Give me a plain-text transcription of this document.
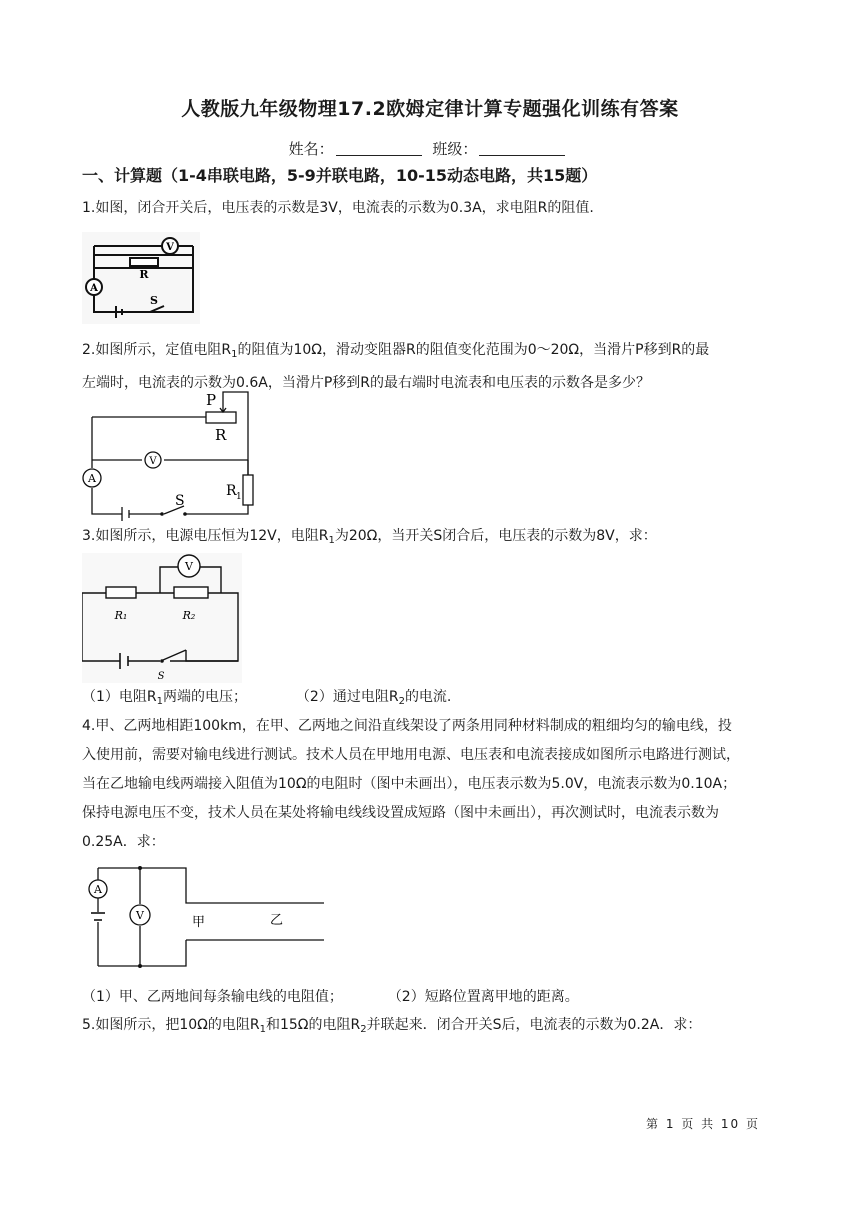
人教版九年级物理17.2欧姆定律计算专题强化训练有答案
姓名：	班级：
一、计算题（1-4串联电路，5-9并联电路，10-15动态电路，共15题）
1.如图，闭合开关后，电压表的示数是3V，电流表的示数为0.3A，求电阻R的阻值.
V
R
A
S
2.如图所示，定值电阻$R_1$的阻值为10Ω，滑动变阻器R的阻值变化范围为0～20Ω，当滑片P移到R的最
左端时，电流表的示数为0.6A，当滑片P移到R的最右端时电流表和电压表的示数各是多少？
P
R
V
A
R 1
S
3.如图所示，电源电压恒为12V，电阻$R_1$为20Ω，当开关S闭合后，电压表的示数为8V，求：
V
R₁	R₂
S
（1）电阻$R_1$两端的电压；	（2）通过电阻$R_2$的电流.
4.甲、乙两地相距100km，在甲、乙两地之间沿直线架设了两条用同种材料制成的粗细均匀的输电线，投
入使用前，需要对输电线进行测试。技术人员在甲地用电源、电压表和电流表接成如图所示电路进行测试，
当在乙地输电线两端接入阻值为10Ω的电阻时（图中未画出），电压表示数为5.0V，电流表示数为0.10A；
保持电源电压不变，技术人员在某处将输电线线设置成短路（图中未画出），再次测试时，电流表示数为
0.25A．求：
A
V	甲	乙
（1）甲、乙两地间每条输电线的电阻值；	（2）短路位置离甲地的距离。
5.如图所示，把10Ω的电阻$R_1$和15Ω的电阻$R_2$并联起来．闭合开关S后，电流表的示数为0.2A．求：
第 1 页 共 10 页
